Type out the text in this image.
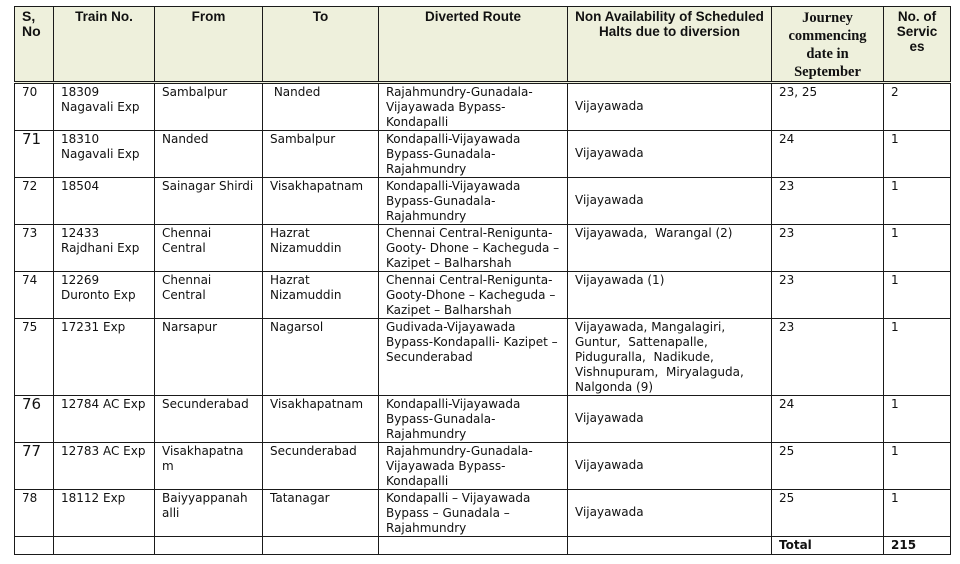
S, No	Train No.	From	To	Diverted Route	Non Availability of Scheduled Halts due to diversion	Journey commencing date in September	No. of Servic es
70	18309 Nagavali Exp	Sambalpur	Nanded	Rajahmundry-Gunadala-Vijayawada Bypass-Kondapalli	Vijayawada	23, 25	2
71	18310 Nagavali Exp	Nanded	Sambalpur	Kondapalli-Vijayawada Bypass-Gunadala-Rajahmundry	Vijayawada	24	1
72	18504	Sainagar Shirdi	Visakhapatnam	Kondapalli-Vijayawada Bypass-Gunadala-Rajahmundry	Vijayawada	23	1
73	12433 Rajdhani Exp	Chennai Central	Hazrat Nizamuddin	Chennai Central-Renigunta-Gooty- Dhone – Kacheguda – Kazipet – Balharshah	Vijayawada,  Warangal (2)	23	1
74	12269 Duronto Exp	Chennai Central	Hazrat Nizamuddin	Chennai Central-Renigunta-Gooty-Dhone – Kacheguda – Kazipet – Balharshah	Vijayawada (1)	23	1
75	17231 Exp	Narsapur	Nagarsol	Gudivada-Vijayawada Bypass-Kondapalli- Kazipet – Secunderabad	Vijayawada, Mangalagiri, Guntur,  Sattenapalle, Piduguralla,  Nadikude, Vishnupuram,  Miryalaguda, Nalgonda (9)	23	1
76	12784 AC Exp	Secunderabad	Visakhapatnam	Kondapalli-Vijayawada Bypass-Gunadala-Rajahmundry	Vijayawada	24	1
77	12783 AC Exp	Visakhapatna m	Secunderabad	Rajahmundry-Gunadala-Vijayawada Bypass-Kondapalli	Vijayawada	25	1
78	18112 Exp	Baiyyappanah alli	Tatanagar	Kondapalli – Vijayawada Bypass – Gunadala – Rajahmundry	Vijayawada	25	1
						Total	215
